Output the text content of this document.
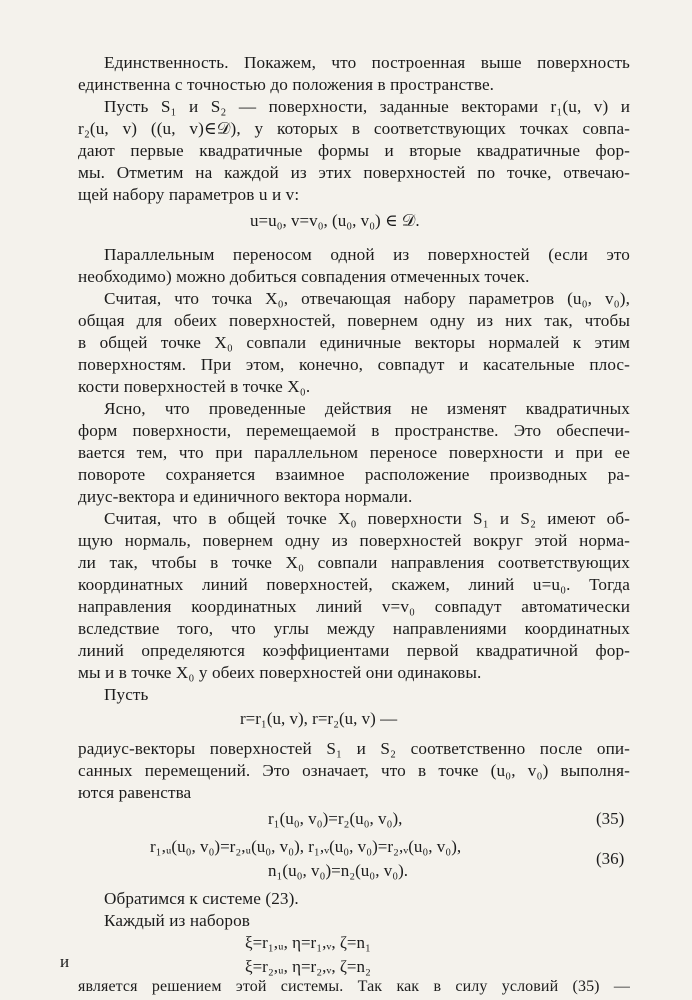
Единственность. Покажем, что построенная выше поверхность
единственна с точностью до положения в пространстве.
Пусть S₁ и S₂ — поверхности, заданные векторами r₁(u, v) и
r₂(u, v) ((u, v)∈𝒟), у которых в соответствующих точках совпа-
дают первые квадратичные формы и вторые квадратичные фор-
мы. Отметим на каждой из этих поверхностей по точке, отвечаю-
щей набору параметров u и v:
u=u₀, v=v₀, (u₀, v₀) ∈ 𝒟.
Параллельным переносом одной из поверхностей (если это
необходимо) можно добиться совпадения отмеченных точек.
Считая, что точка X₀, отвечающая набору параметров (u₀, v₀),
общая для обеих поверхностей, повернем одну из них так, чтобы
в общей точке X₀ совпали единичные векторы нормалей к этим
поверхностям. При этом, конечно, совпадут и касательные плос-
кости поверхностей в точке X₀.
Ясно, что проведенные действия не изменят квадратичных
форм поверхности, перемещаемой в пространстве. Это обеспечи-
вается тем, что при параллельном переносе поверхности и при ее
повороте сохраняется взаимное расположение производных ра-
диус-вектора и единичного вектора нормали.
Считая, что в общей точке X₀ поверхности S₁ и S₂ имеют об-
щую нормаль, повернем одну из поверхностей вокруг этой норма-
ли так, чтобы в точке X₀ совпали направления соответствующих
координатных линий поверхностей, скажем, линий u=u₀. Тогда
направления координатных линий v=v₀ совпадут автоматически
вследствие того, что углы между направлениями координатных
линий определяются коэффициентами первой квадратичной фор-
мы и в точке X₀ у обеих поверхностей они одинаковы.
Пусть
r=r₁(u, v), r=r₂(u, v) —
радиус-векторы поверхностей S₁ и S₂ соответственно после опи-
санных перемещений. Это означает, что в точке (u₀, v₀) выполня-
ются равенства
r₁(u₀, v₀)=r₂(u₀, v₀),	(35)
r₁,ᵤ(u₀, v₀)=r₂,ᵤ(u₀, v₀), r₁,ᵥ(u₀, v₀)=r₂,ᵥ(u₀, v₀),
n₁(u₀, v₀)=n₂(u₀, v₀).
(36)
Обратимся к системе (23).
Каждый из наборов
ξ=r₁,ᵤ, η=r₁,ᵥ, ζ=n₁
и	ξ=r₂,ᵤ, η=r₂,ᵥ, ζ=n₂
является решением этой системы. Так как в силу условий (35) —
